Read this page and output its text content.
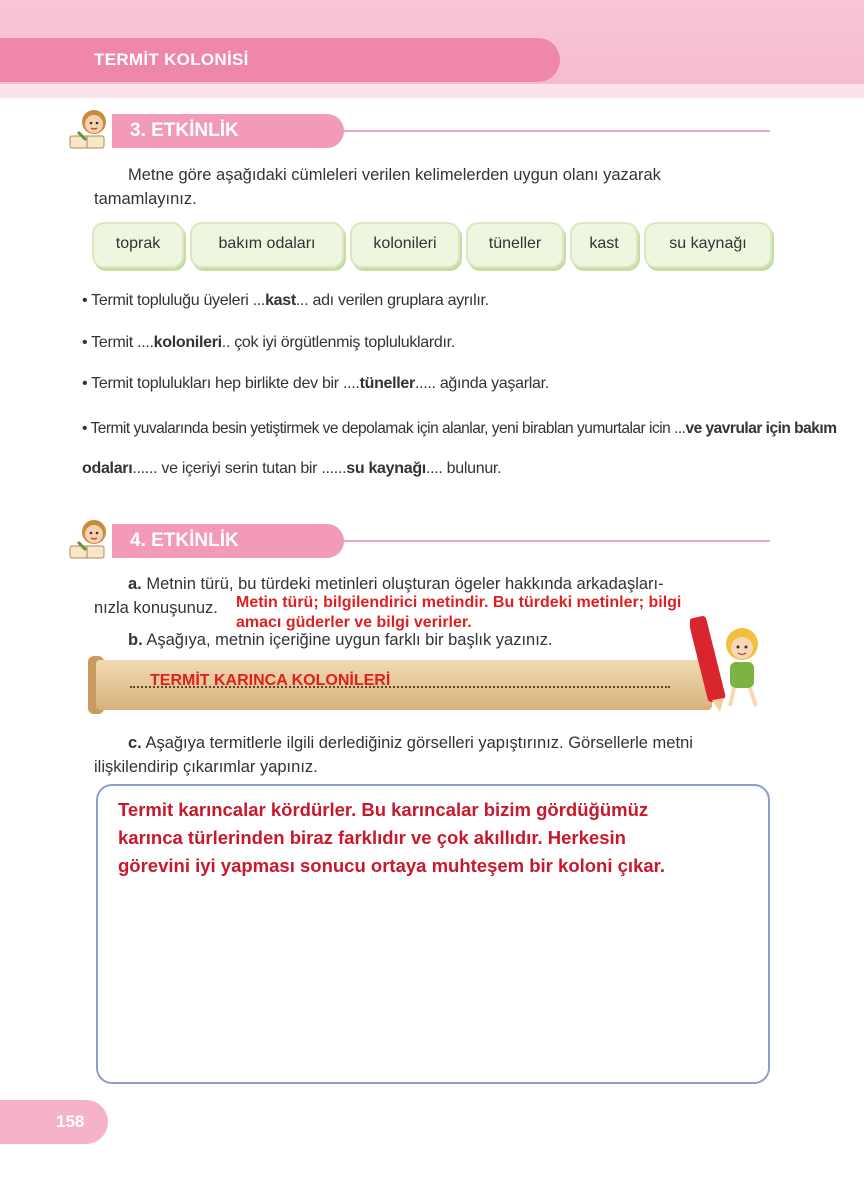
TERMİT KOLONİSİ
3. ETKİNLİK
Metne göre aşağıdaki cümleleri verilen kelimelerden uygun olanı yazarak
tamamlayınız.
toprak	bakım odaları	kolonileri	tüneller	kast	su kaynağı
• Termit topluluğu üyeleri ...kast... adı verilen gruplara ayrılır.
• Termit ....kolonileri.. çok iyi örgütlenmiş topluluklardır.
• Termit toplulukları hep birlikte dev bir ....tüneller..... ağında yaşarlar.
• Termit yuvalarında besin yetiştirmek ve depolamak için alanlar, yeni birablan yumurtalar icin ...ve yavrular için bakım
odaları...... ve içeriyi serin tutan bir ......su kaynağı.... bulunur.
4. ETKİNLİK
a. Metnin türü, bu türdeki metinleri oluşturan ögeler hakkında arkadaşları-
nızla konuşunuz. Metin türü; bilgilendirici metindir. Bu türdeki metinler; bilgi
amacı güderler ve bilgi verirler.
b. Aşağıya, metnin içeriğine uygun farklı bir başlık yazınız.
TERMİT KARINCA KOLONİLERİ
c. Aşağıya termitlerle ilgili derlediğiniz görselleri yapıştırınız. Görsellerle metni
ilişkilendirip çıkarımlar yapınız.
Termit karıncalar kördürler. Bu karıncalar bizim gördüğümüz
karınca türlerinden biraz farklıdır ve çok akıllıdır. Herkesin
görevini iyi yapması sonucu ortaya muhteşem bir koloni çıkar.
158
